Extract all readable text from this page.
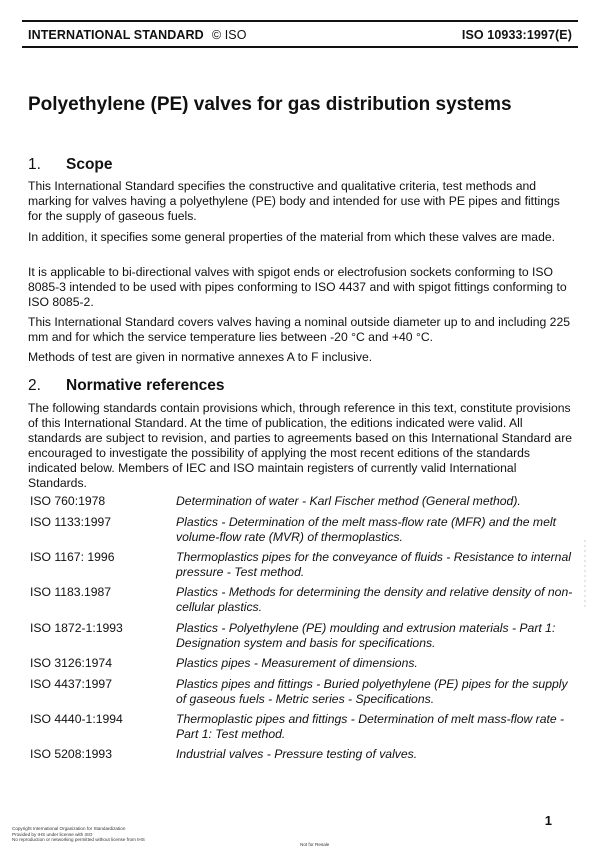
INTERNATIONAL STANDARD © ISO	ISO 10933:1997(E)
Polyethylene (PE) valves for gas distribution systems
1. Scope

This International Standard specifies the constructive and qualitative criteria, test methods and marking for valves having a polyethylene (PE) body and intended for use with PE pipes and fittings for the supply of gaseous fuels.

In addition, it specifies some general properties of the material from which these valves are made.

It is applicable to bi-directional valves with spigot ends or electrofusion sockets conforming to ISO 8085-3 intended to be used with pipes conforming to ISO 4437 and with spigot fittings conforming to ISO 8085-2.

This International Standard covers valves having a nominal outside diameter up to and including 225 mm and for which the service temperature lies between -20 °C and +40 °C.

Methods of test are given in normative annexes A to F inclusive.

2. Normative references

The following standards contain provisions which, through reference in this text, constitute provisions of this International Standard. At the time of publication, the editions indicated were valid. All standards are subject to revision, and parties to agreements based on this International Standard are encouraged to investigate the possibility of applying the most recent editions of the standards indicated below. Members of IEC and ISO maintain registers of currently valid International Standards.

ISO 760:1978	Determination of water - Karl Fischer method (General method).
ISO 1133:1997	Plastics - Determination of the melt mass-flow rate (MFR) and the melt volume-flow rate (MVR) of thermoplastics.
ISO 1167: 1996	Thermoplastics pipes for the conveyance of fluids - Resistance to internal pressure - Test method.
ISO 1183.1987	Plastics - Methods for determining the density and relative density of non-cellular plastics.
ISO 1872-1:1993	Plastics - Polyethylene (PE) moulding and extrusion materials - Part 1: Designation system and basis for specifications.
ISO 3126:1974	Plastics pipes - Measurement of dimensions.
ISO 4437:1997	Plastics pipes and fittings - Buried polyethylene (PE) pipes for the supply of gaseous fuels - Metric series - Specifications.
ISO 4440-1:1994	Thermoplastic pipes and fittings - Determination of melt mass-flow rate - Part 1: Test method.
ISO 5208:1993	Industrial valves - Pressure testing of valves.
1
Copyright International Organization for Standardization
Provided by IHS under license with ISO
No reproduction or networking permitted without license from IHS
Not for Resale
